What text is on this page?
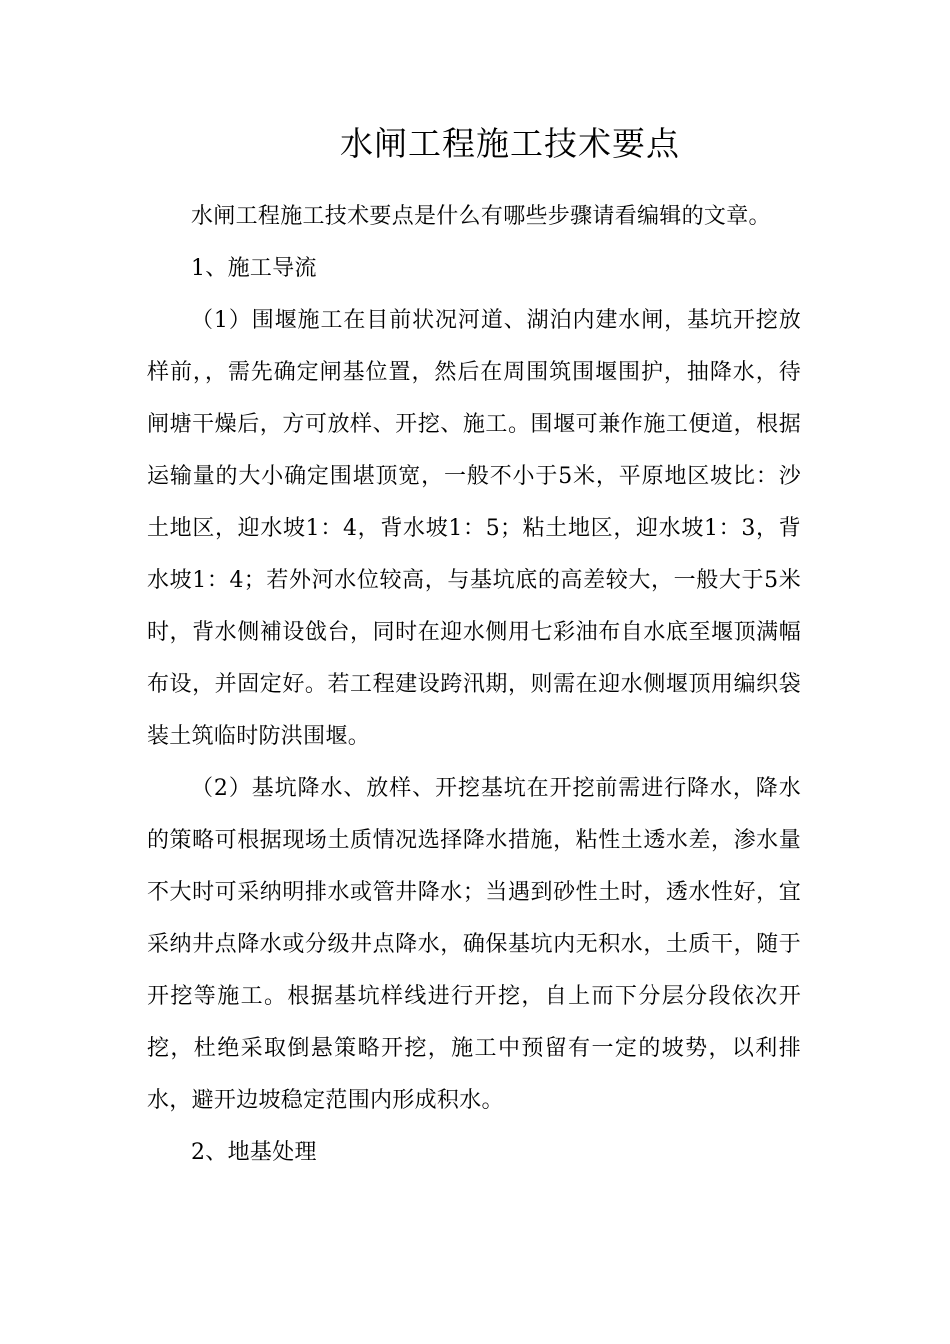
水闸工程施工技术要点

水闸工程施工技术要点是什么有哪些步骤请看编辑的文章。

1、施工导流

（1）围堰施工在目前状况河道、湖泊内建水闸，基坑开挖放样前，，需先确定闸基位置，然后在周围筑围堰围护，抽降水，待闸塘干燥后，方可放样、开挖、施工。围堰可兼作施工便道，根据运输量的大小确定围堪顶宽，一般不小于5米，平原地区坡比：沙土地区，迎水坡1：4，背水坡1：5；粘土地区，迎水坡1：3，背水坡1：4；若外河水位较高，与基坑底的高差较大，一般大于5米时，背水侧補设戗台，同时在迎水侧用七彩油布自水底至堰顶满幅布设，并固定好。若工程建设跨汛期，则需在迎水侧堰顶用编织袋装土筑临时防洪围堰。

（2）基坑降水、放样、开挖基坑在开挖前需进行降水，降水的策略可根据现场土质情况选择降水措施，粘性土透水差，渗水量不大时可采纳明排水或管井降水；当遇到砂性土时，透水性好，宜采纳井点降水或分级井点降水，确保基坑内无积水，土质干，随于开挖等施工。根据基坑样线进行开挖，自上而下分层分段依次开挖，杜绝采取倒悬策略开挖，施工中预留有一定的坡势，以利排水，避开边坡稳定范围内形成积水。

2、地基处理
